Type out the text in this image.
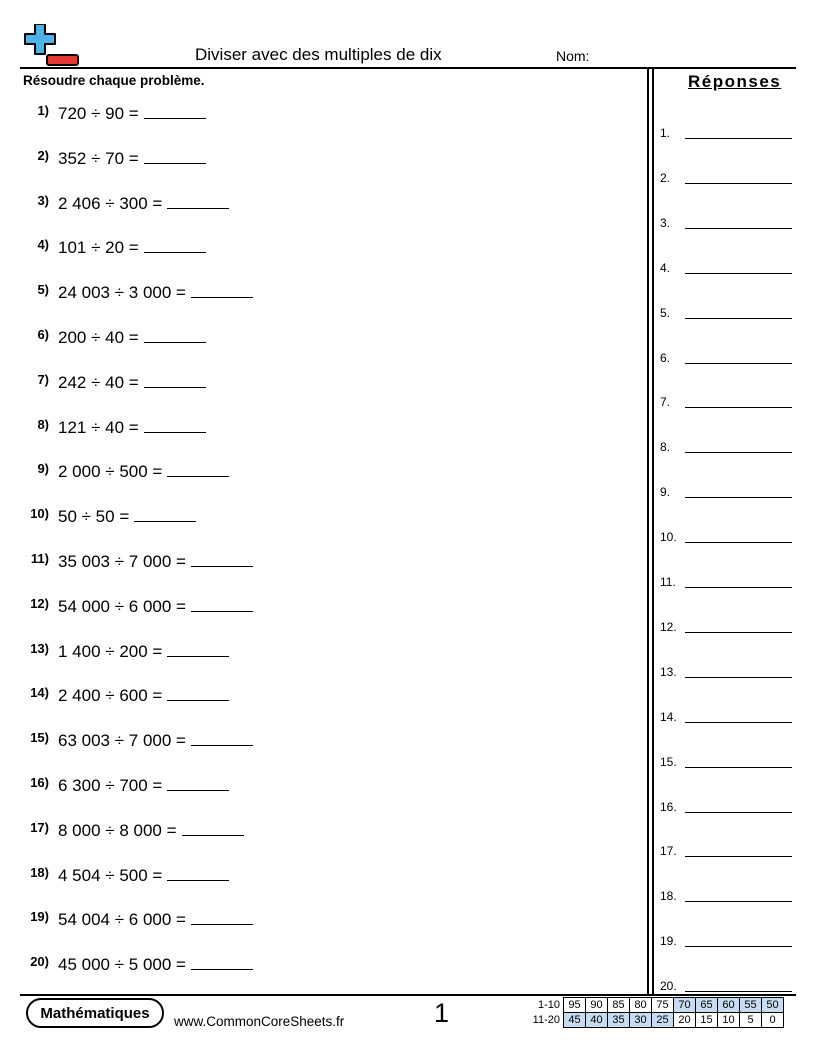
Diviser avec des multiples de dix	Nom:
Résoudre chaque problème.	Réponses
1) 720 ÷ 90 =
2) 352 ÷ 70 =
3) 2 406 ÷ 300 =
4) 101 ÷ 20 =
5) 24 003 ÷ 3 000 =
6) 200 ÷ 40 =
7) 242 ÷ 40 =
8) 121 ÷ 40 =
9) 2 000 ÷ 500 =
10) 50 ÷ 50 =
11) 35 003 ÷ 7 000 =
12) 54 000 ÷ 6 000 =
13) 1 400 ÷ 200 =
14) 2 400 ÷ 600 =
15) 63 003 ÷ 7 000 =
16) 6 300 ÷ 700 =
17) 8 000 ÷ 8 000 =
18) 4 504 ÷ 500 =
19) 54 004 ÷ 6 000 =
20) 45 000 ÷ 5 000 =
1.
2.
3.
4.
5.
6.
7.
8.
9.
10.
11.
12.
13.
14.
15.
16.
17.
18.
19.
20.
Mathématiques	www.CommonCoreSheets.fr	1	1-10	95	90	85	80	75	70	65	60	55	50
11-20	45	40	35	30	25	20	15	10	5	0
